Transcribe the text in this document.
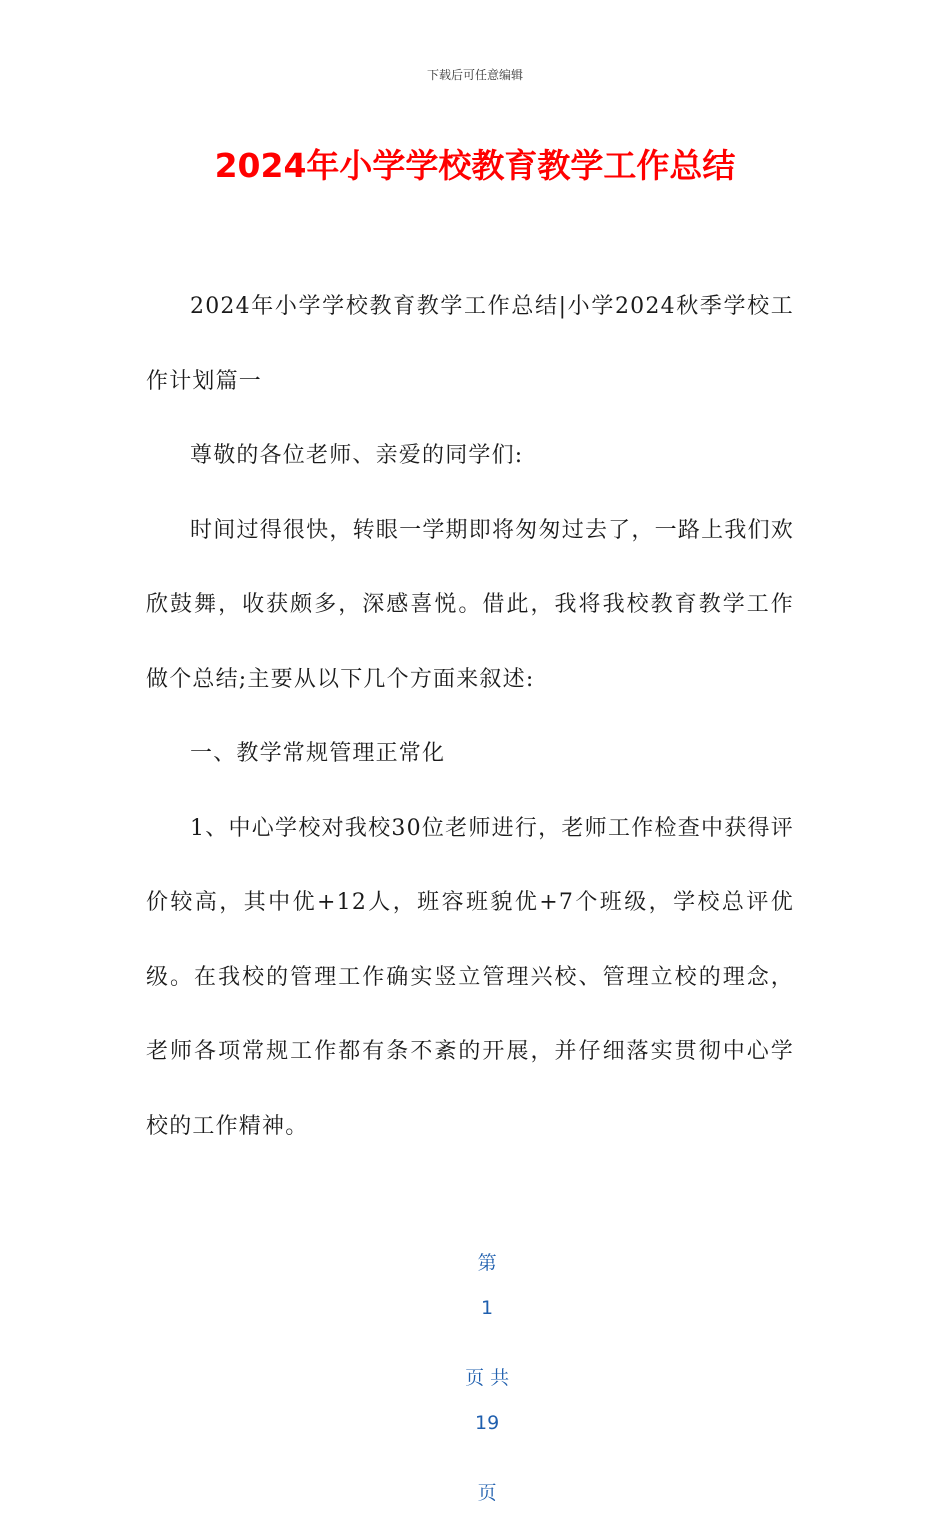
下载后可任意编辑
2024年小学学校教育教学工作总结

2024年小学学校教育教学工作总结|小学2024秋季学校工作计划篇一

尊敬的各位老师、亲爱的同学们:

时间过得很快，转眼一学期即将匆匆过去了，一路上我们欢欣鼓舞，收获颇多，深感喜悦。借此，我将我校教育教学工作做个总结;主要从以下几个方面来叙述:

一、教学常规管理正常化

1、中心学校对我校30位老师进行，老师工作检查中获得评价较高，其中优+12人，班容班貌优+7个班级，学校总评优级。在我校的管理工作确实竖立管理兴校、管理立校的理念，老师各项常规工作都有条不紊的开展，并仔细落实贯彻中心学校的工作精神。

第

1

页 共

19

页
